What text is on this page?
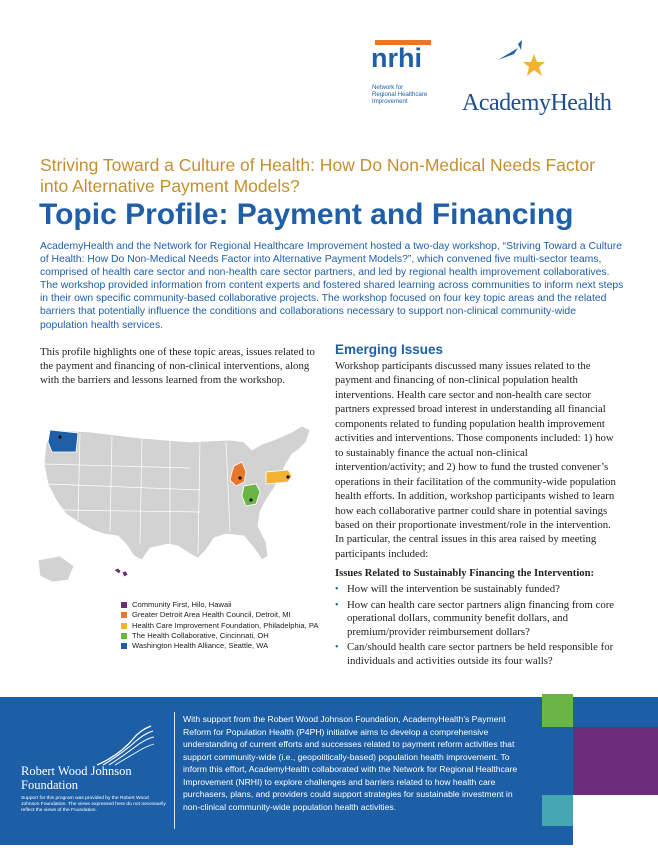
nrhi
Network for
Regional Healthcare
Improvement	AcademyHealth
Striving Toward a Culture of Health: How Do Non-Medical Needs Factor into Alternative Payment Models?
Topic Profile: Payment and Financing
AcademyHealth and the Network for Regional Healthcare Improvement hosted a two-day workshop, “Striving Toward a Culture of Health: How Do Non-Medical Needs Factor into Alternative Payment Models?”, which convened five multi-sector teams, comprised of health care sector and non-health care sector partners, and led by regional health improvement collaboratives. The workshop provided information from content experts and fostered shared learning across communities to inform next steps in their own specific community-based collaborative projects. The workshop focused on four key topic areas and the related barriers that potentially influence the conditions and collaborations necessary to support non-clinical community-wide population health services.
This profile highlights one of these topic areas, issues related to the payment and financing of non-clinical interventions, along with the barriers and lessons learned from the workshop.
Community First, Hilo, Hawaii
Greater Detroit Area Health Council, Detroit, MI
Health Care Improvement Foundation, Philadelphia, PA
The Health Collaborative, Cincinnati, OH
Washington Health Alliance, Seattle, WA
Emerging Issues
Workshop participants discussed many issues related to the payment and financing of non-clinical population health interventions. Health care sector and non-health care sector partners expressed broad interest in understanding all financial components related to funding population health improvement activities and interventions. Those components included: 1) how to sustainably finance the actual non-clinical intervention/activity; and 2) how to fund the trusted convener’s operations in their facilitation of the community-wide population health efforts. In addition, workshop participants wished to learn how each collaborative partner could share in potential savings based on their proportionate investment/role in the intervention. In particular, the central issues in this area raised by meeting participants included:
Issues Related to Sustainably Financing the Intervention:
• How will the intervention be sustainably funded?
• How can health care sector partners align financing from core operational dollars, community benefit dollars, and premium/provider reimbursement dollars?
• Can/should health care sector partners be held responsible for individuals and activities outside its four walls?
Robert Wood Johnson
Foundation
Support for this program was provided by the Robert Wood Johnson Foundation. The views expressed here do not necessarily reflect the views of the Foundation.
With support from the Robert Wood Johnson Foundation, AcademyHealth’s Payment Reform for Population Health (P4PH) initiative aims to develop a comprehensive understanding of current efforts and successes related to payment reform activities that support community-wide (i.e., geopolitically-based) population health improvement. To inform this effort, AcademyHealth collaborated with the Network for Regional Healthcare Improvement (NRHI) to explore challenges and barriers related to how health care purchasers, plans, and providers could support strategies for sustainable investment in non-clinical community-wide population health activities.
